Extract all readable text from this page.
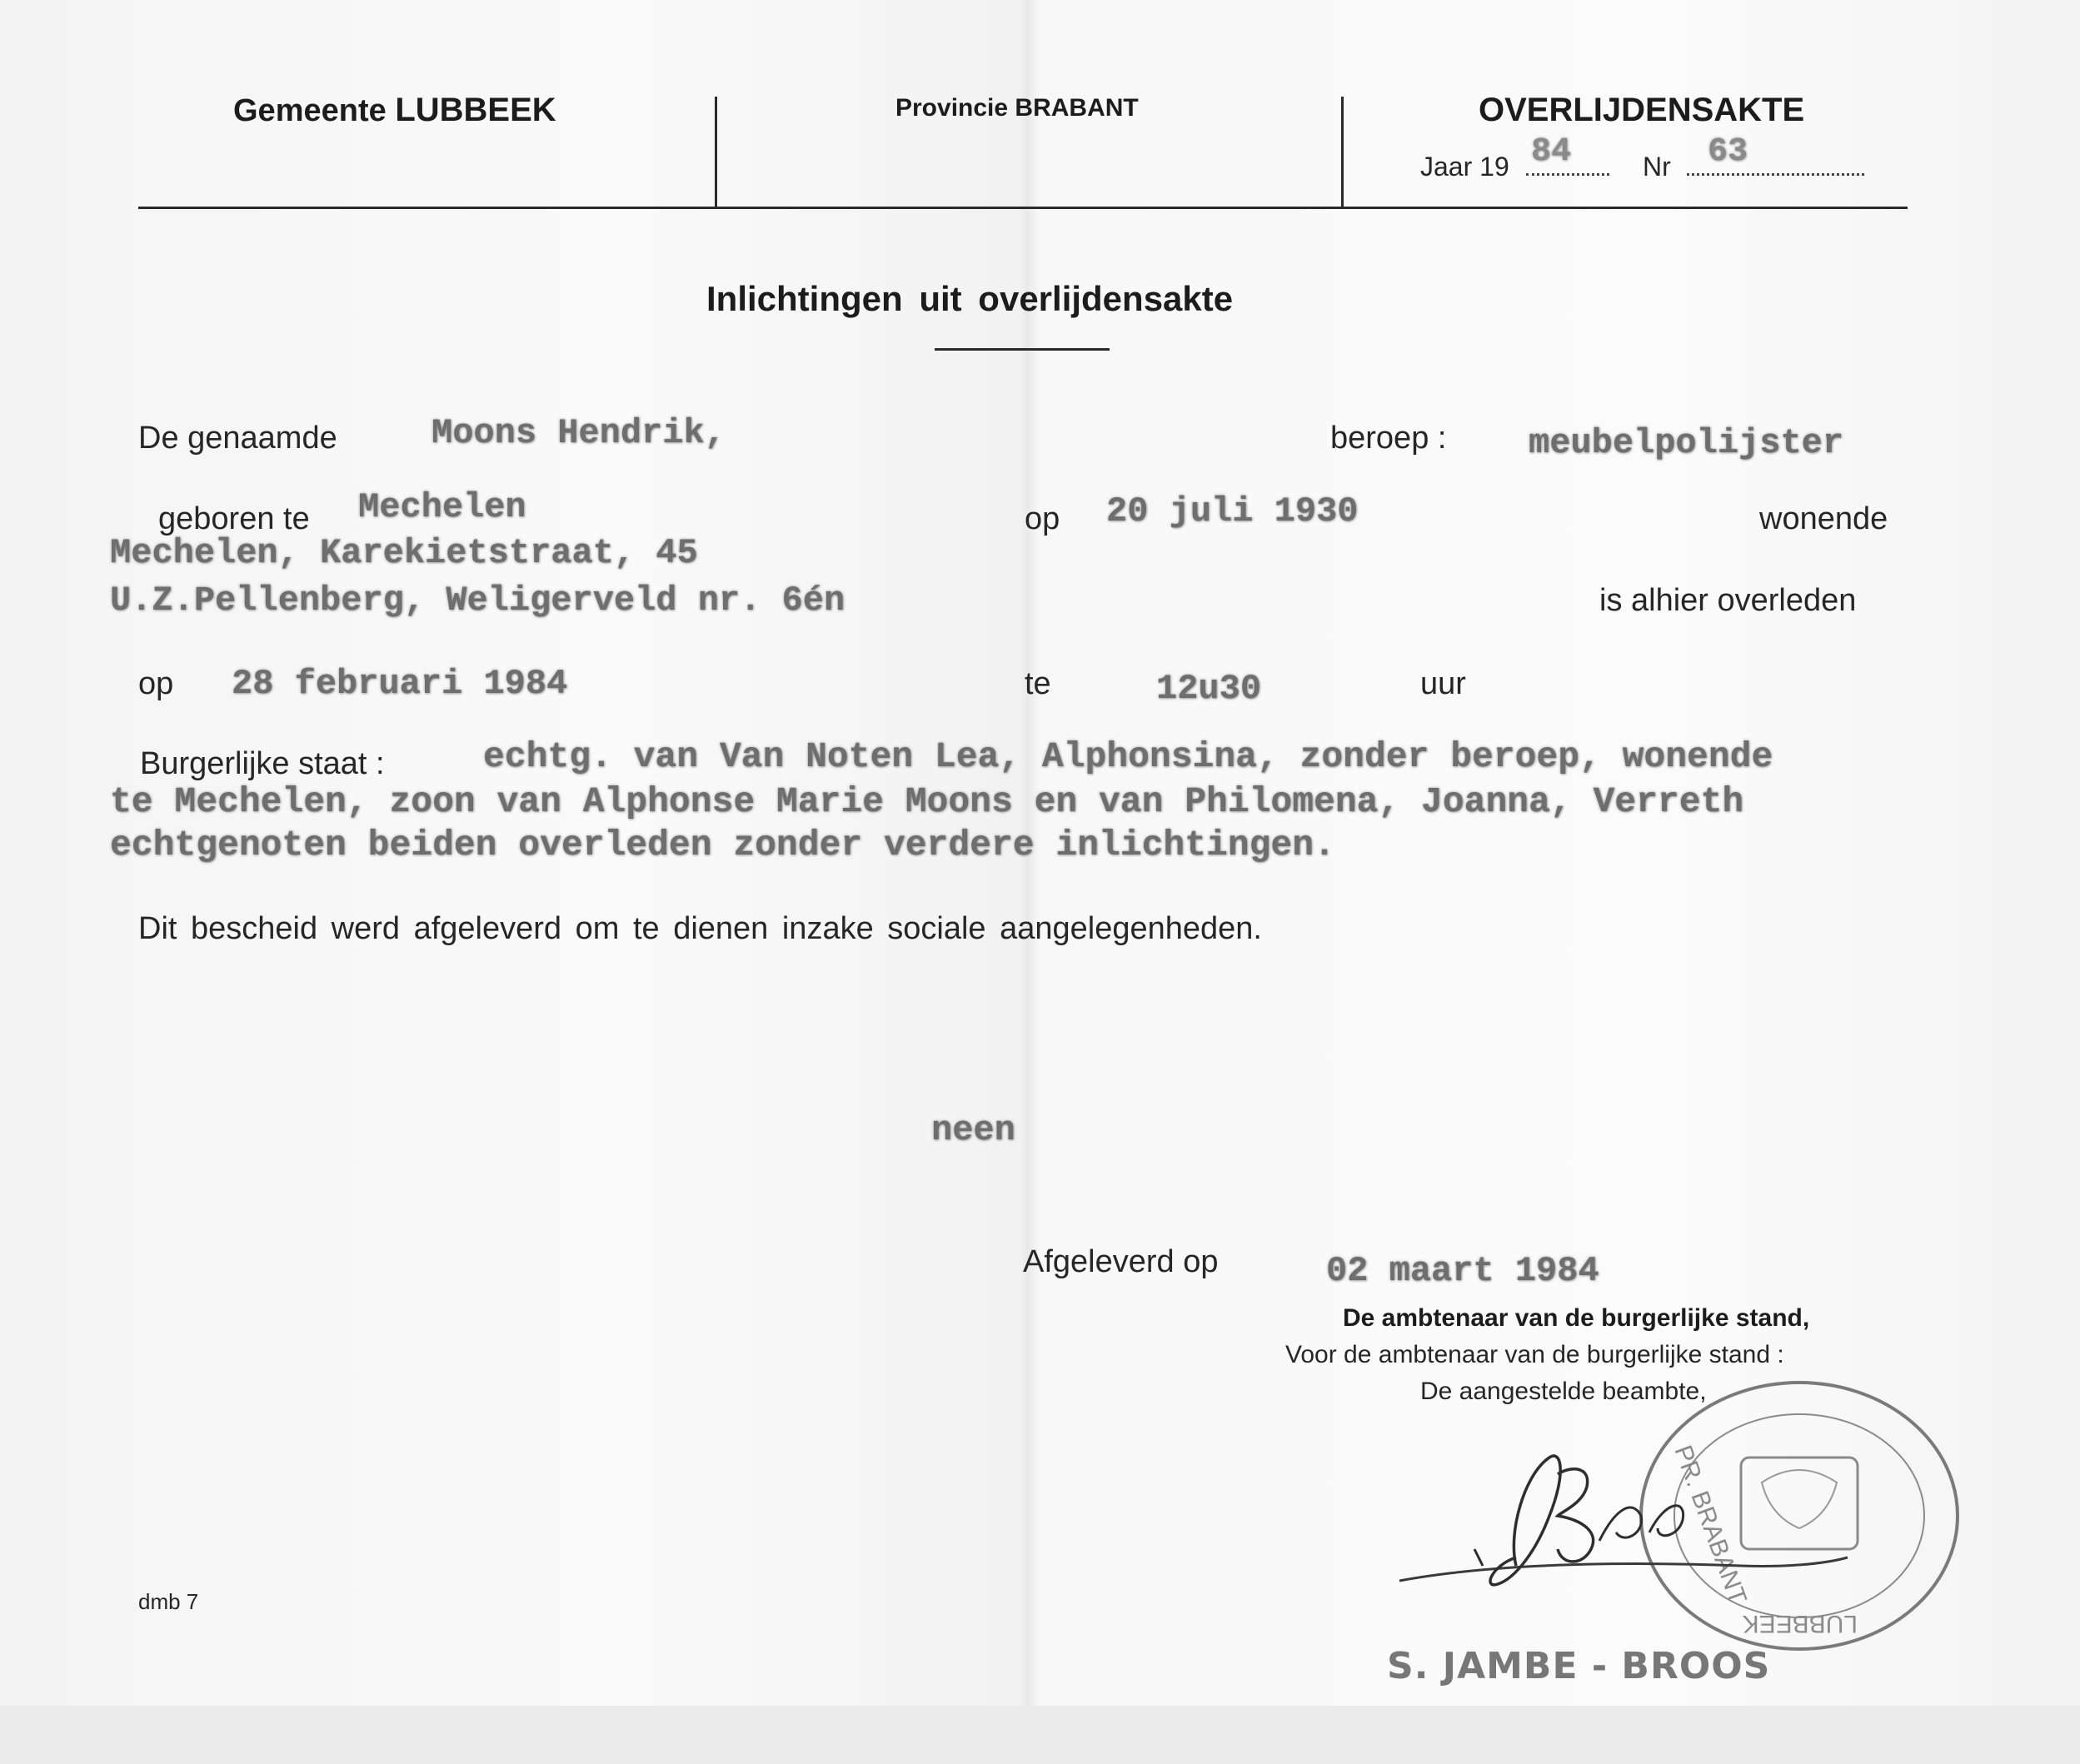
Gemeente LUBBEEK	Provincie BRABANT	OVERLIJDENSAKTE
Jaar 19 84	Nr 63
Inlichtingen uit overlijdensakte
De genaamde	Moons Hendrik,	beroep : meubelpolijster
geboren te Mechelen	op 20 juli 1930	wonende
Mechelen, Karekietstraat, 45
U.Z.Pellenberg, Weligerveld nr. 6én	is alhier overleden
op 28 februari 1984	te	12u30	uur
Burgerlijke staat :	echtg. van Van Noten Lea, Alphonsina, zonder beroep, wonende
te Mechelen, zoon van Alphonse Marie Moons en van Philomena, Joanna, Verreth
echtgenoten beiden overleden zonder verdere inlichtingen.
Dit bescheid werd afgeleverd om te dienen inzake sociale aangelegenheden.
neen
Afgeleverd op	02 maart 1984
De ambtenaar van de burgerlijke stand,
Voor de ambtenaar van de burgerlijke stand :
De aangestelde beambte,
PR. BRABANT
LUBBEEK
S. JAMBE - BROOS
dmb 7
